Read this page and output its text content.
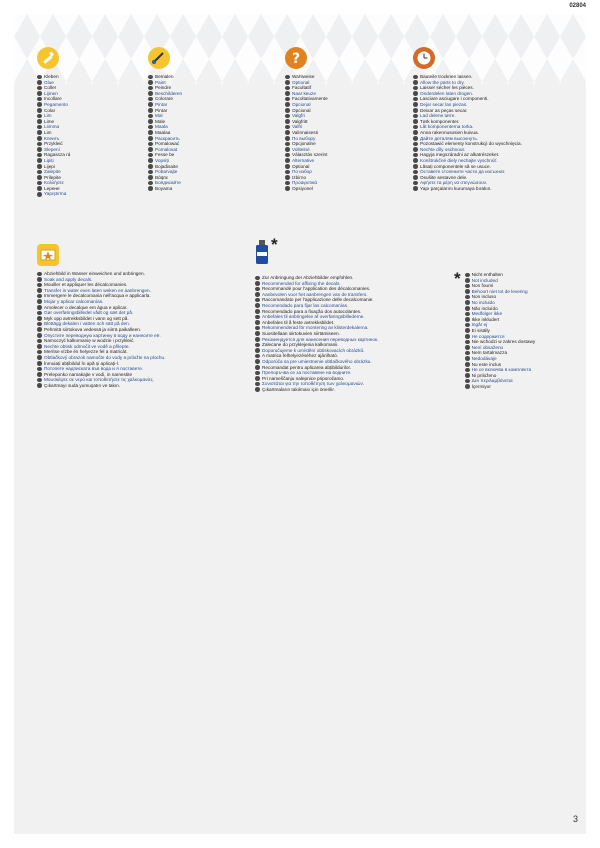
02804
Kleben
Glue
Coller
Lijmen
Incollare
Pegamento
Colar
Lim
Lime
Liimma
Lim
Клеить
Przykleić
Slepení
Ragassza rá
Lipiți
Lijepi
Zalepite
Prilepite
Κολλήστε
Lepене
Yapıştırma
Bemalen
Paint
Peindre
Beschilderen
Colorare
Pintar
Pintar
Mal
Male
Maala
Maalaa
Раскрасить
Pomalować
Pomalovat
Fesse be
Vopsiți
Bojadisaite
Pobarvajte
Βάψτε
Боядисайте
Boyama
?
Wahlweise
Optional
Facultatif
Naar keuze
Facoltativamente
Opcional
Opcional
Valgfri
Valgfritt
Valfri
Valinnaisesti
По выбору
Opcjonalne
Volitelné
Választás szerint
Alternative
Optional
По избор
Izbirno
Προαιρετικά
Opsiyonel
Bauteile trocknen lassen.
Allow the parts to dry.
Laisser sécher les pièces.
Onderdelen laten drogen.
Lasciare asciugare i componenti.
Dejar secar las piezas.
Deixar as peças secar.
Lad delene tørre.
Tørk komponenter.
Låt komponenterna torka.
Anna rakennusosien kuivua.
Дайте деталям высохнуть.
Pozostawić elementy konstrukcji do wyschnięcia.
Nechte díly oschnout.
Hagyja megszáradni az alkatrészeket.
Konštrukčné diely nechajte vyschnúť.
Lăsați componentele să se usuce.
Оставете стопените части да изсъхнат.
Osušite sestavne dele.
Αφήστε τα μέρη να στεγνώσουν.
Yapı parçalarını kurumaya bırakın.
Abziehbild in Wasser einweichen und anbringen.
Soak and apply decals.
Mouiller et appliquer les décalcomanies.
Transfer in water even laten weken en aanbrengen.
Immergere le decalcomania nell'acqua e applicarla.
Mojar y aplicar calcomanías.
Amolecer o decalque em água e aplicar.
Gør overføringsbilledet vådt og sæt det på.
Myk opp avtrekksbildet i vann og sett på.
Blöttägg dekalen i vatten och sätt på den.
Pehmitä siirtokuva vedessä ja siirrä paikalleen.
Опустите переводную картинку в воду и нанесите её.
Namoczyć kalkomanię w wodzie i przykleić.
Nechte obtisk odmočit ve vodě a přilepte.
Merítse vízbe és helyezze fel a matricát.
Obtlačkový obrazok namočte do vody a priložte na plochu.
Înmuiați abțibildul în apă și aplicați-l.
Потопете надписката във вода и я поставете.
Preleponko namakajte v vodi, in namestite
Μουσκέψτε σε νερό και τοποθετήστε τις χαλκομανίες.
Çıkartmayı suda yumuşatın ve takın.
*
Zur Anbringung der Abziehbilder empfohlen.
Recommended for affixing the decals.
Recommandé pour l'application des décalcomanies.
Aanbevolen voor het aanbrengen van de transfers.
Raccomandato per l'applicazione delle decalcomanie.
Recomendado para fijar las calcomanías.
Recomendado para a fixação dos autocolantes.
Anbefales til anbringelse af overføringsbillederne.
Anbefales til å feste avtrekksbildet.
Rekommenderad för montering av klisterdekalerna.
Suositellaan siirtokuvien siirtämiseen.
Рекомендуется для нанесения переводных картинок.
Zalecane do przyklejenia kalkomanii.
Doporučujeme k umístění obtiskovacích obrázků.
A matrica felhelyezéséhez ajánlható.
Odporúča sa pre umiestnenie obtlačkového obrázku.
Recomandat pentru aplicarea abțibildurilor.
Препоръчва се за поставяне на водните.
Pri nameščanju nalepnice priporočamo.
Συνιστάται για την τοποθέτηση των χαλκομανιών.
Çıkartmaların takılması için önerilir.
* Nicht enthalten
Not included
Non fourni
Behoort niet tot de levering
Non incluso
No incluido
Não incluído
Medfolger ikke
Ikke inkludert
Ingår ej
Ei sisälly
Не содержится
Nie wchodzi w zakres dostawy
Není obsaženo
Nem tartalmazza
Nedodávaje
Nu este inclus
Не се включва в комплекта
Ni priloženo
Δεν περιλαμβάνεται
İçermiyor
3
